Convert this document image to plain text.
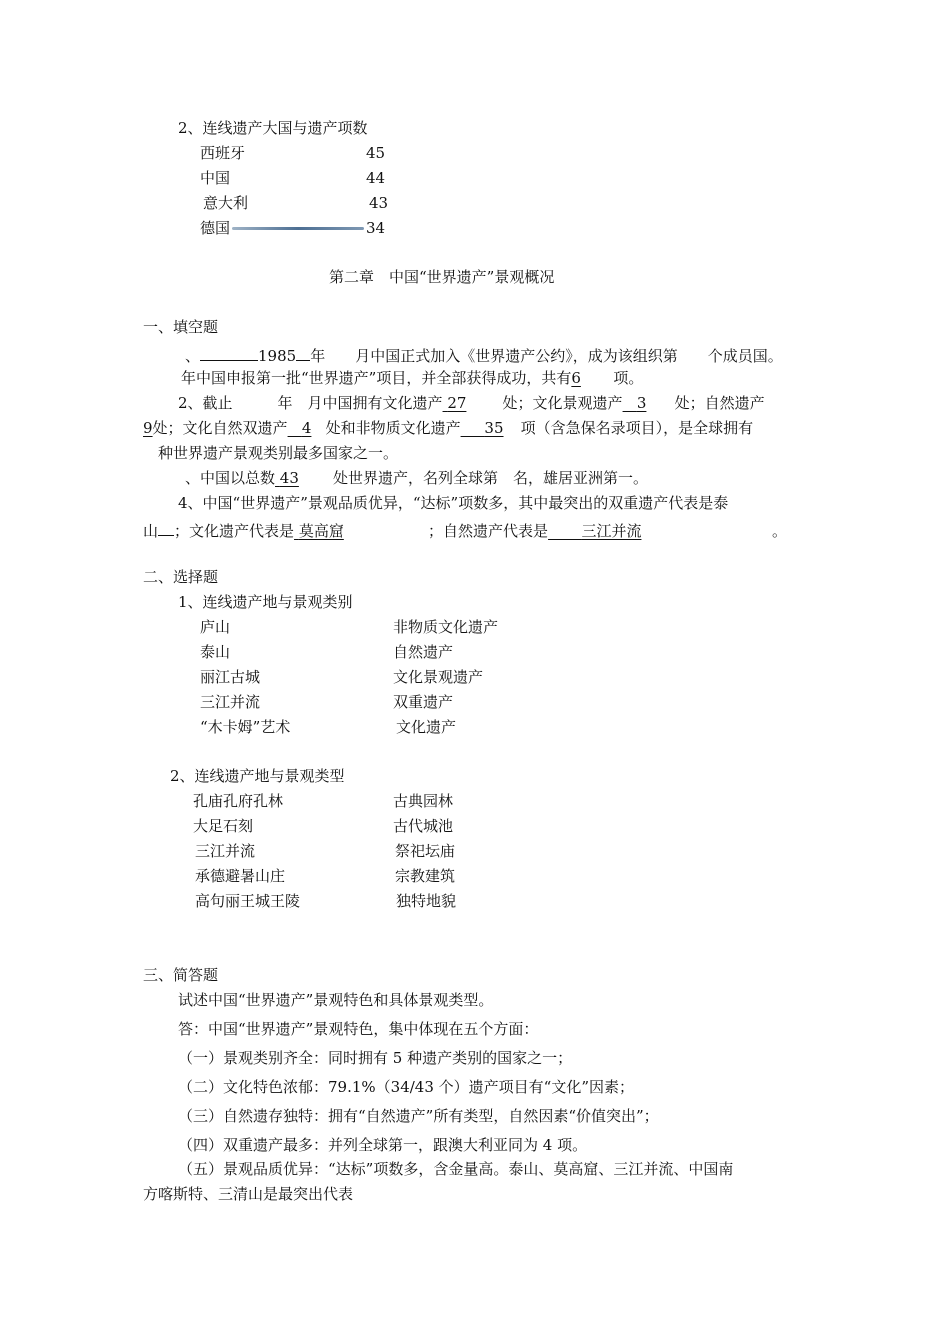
2、连线遗产大国与遗产项数
西班牙	45
中国	44
意大利	43
德国	34
第二章　中国“世界遗产”景观概况
一、填空题
、	1985 年　　月中国正式加入《世界遗产公约》，成为该组织第　　个成员国。
年中国申报第一批“世界遗产”项目，并全部获得成功，共有6 项。
2、截止　　　年　月中国拥有文化遗产 27 处；文化景观遗产 3 处；自然遗产
9处；文化自然双遗产 4 处和非物质文化遗产 35 项（含急保名录项目），是全球拥有
种世界遗产景观类别最多国家之一。
、中国以总数 43 处世界遗产，名列全球第　名，雄居亚洲第一。
4、中国“世界遗产”景观品质优异，“达标”项数多，其中最突出的双重遗产代表是泰
山 ；文化遗产代表是 莫高窟	；自然遗产代表是 三江并流	。
二、选择题
1、连线遗产地与景观类别
庐山	非物质文化遗产
泰山	自然遗产
丽江古城	文化景观遗产
三江并流	双重遗产
“木卡姆”艺术	文化遗产
2、连线遗产地与景观类型
孔庙孔府孔林	古典园林
大足石刻	古代城池
三江并流	祭祀坛庙
承德避暑山庄	宗教建筑
高句丽王城王陵	独特地貌
三、简答题
试述中国“世界遗产”景观特色和具体景观类型。
答：中国“世界遗产”景观特色，集中体现在五个方面：
（一）景观类别齐全：同时拥有 5 种遗产类别的国家之一；
（二）文化特色浓郁：79.1%（34/43 个）遗产项目有“文化”因素；
（三）自然遗存独特：拥有“自然遗产”所有类型，自然因素“价值突出”；
（四）双重遗产最多：并列全球第一，跟澳大利亚同为 4 项。
（五）景观品质优异：“达标”项数多，含金量高。泰山、莫高窟、三江并流、中国南
方喀斯特、三清山是最突出代表
